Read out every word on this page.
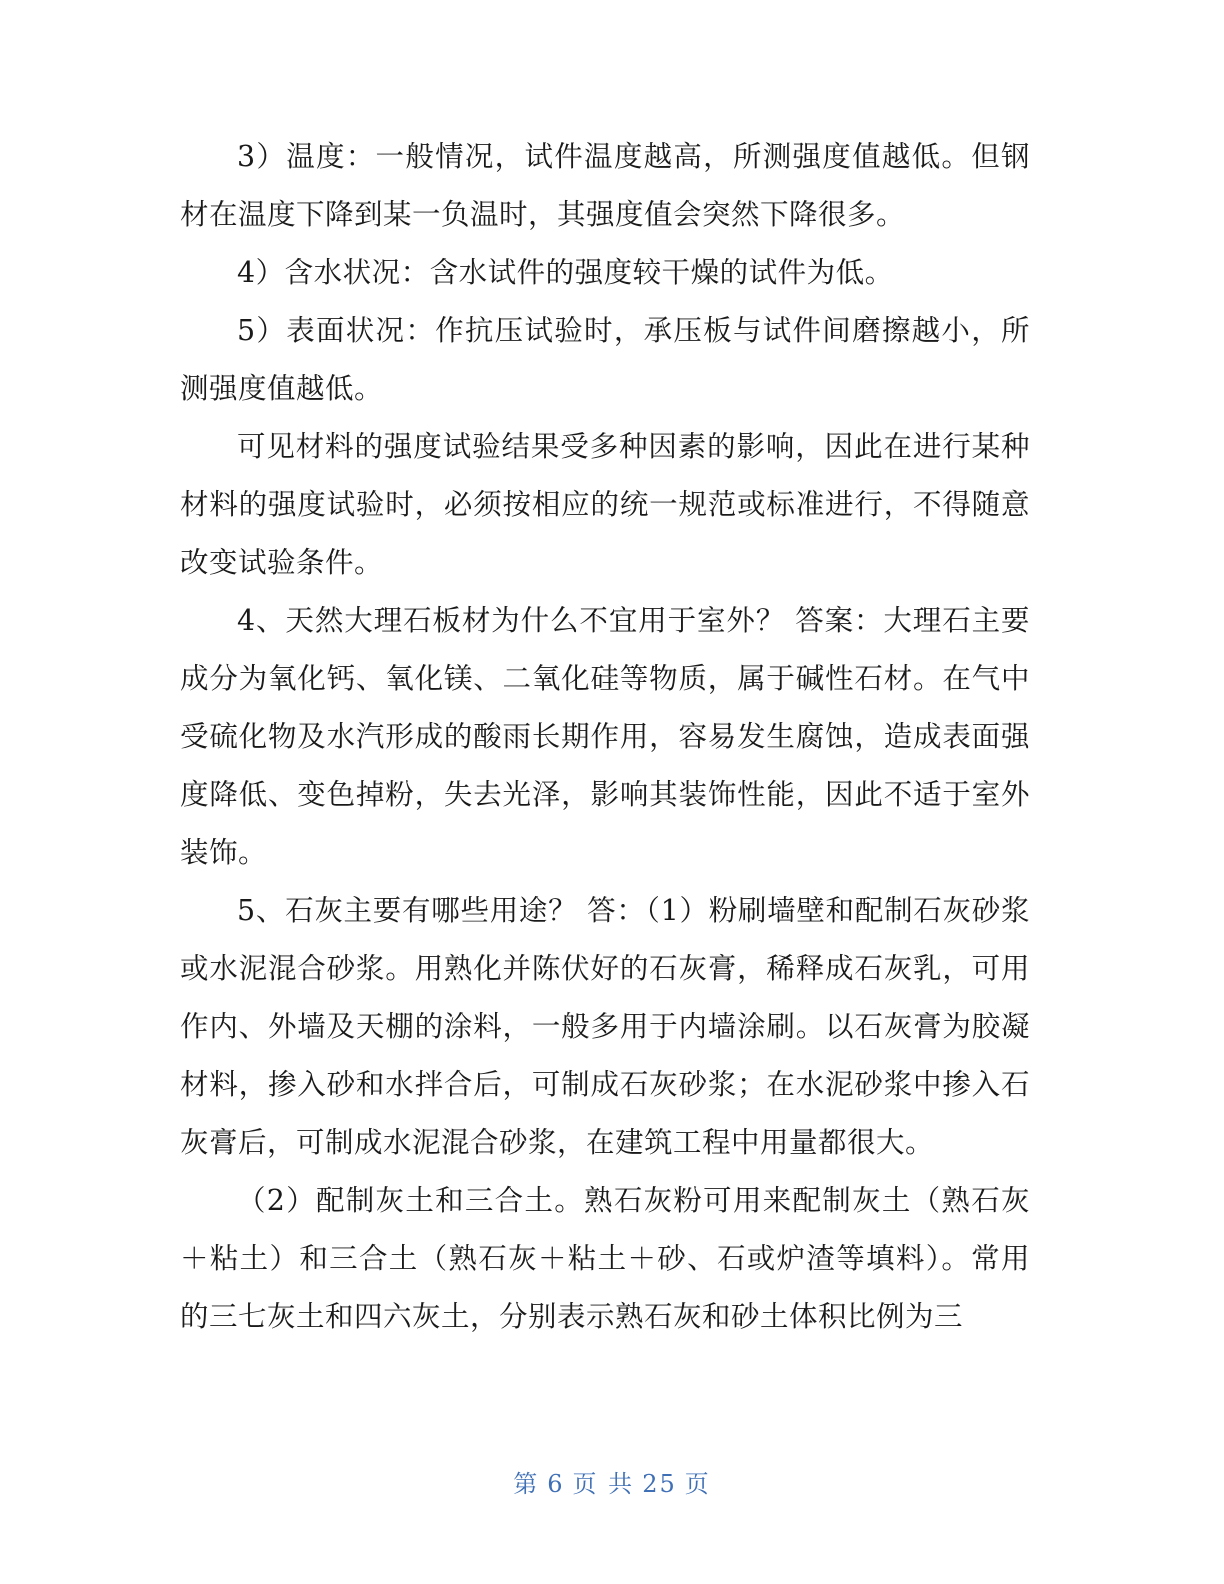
3）温度：一般情况，试件温度越高，所测强度值越低。但钢材在温度下降到某一负温时，其强度值会突然下降很多。

4）含水状况：含水试件的强度较干燥的试件为低。

5）表面状况：作抗压试验时，承压板与试件间磨擦越小，所测强度值越低。

可见材料的强度试验结果受多种因素的影响，因此在进行某种材料的强度试验时，必须按相应的统一规范或标准进行，不得随意改变试验条件。

4、天然大理石板材为什么不宜用于室外？ 答案：大理石主要成分为氧化钙、氧化镁、二氧化硅等物质，属于碱性石材。在气中受硫化物及水汽形成的酸雨长期作用，容易发生腐蚀，造成表面强度降低、变色掉粉，失去光泽，影响其装饰性能，因此不适于室外装饰。

5、石灰主要有哪些用途？ 答：（1）粉刷墙壁和配制石灰砂浆或水泥混合砂浆。用熟化并陈伏好的石灰膏，稀释成石灰乳，可用作内、外墙及天棚的涂料，一般多用于内墙涂刷。以石灰膏为胶凝材料，掺入砂和水拌合后，可制成石灰砂浆；在水泥砂浆中掺入石灰膏后，可制成水泥混合砂浆，在建筑工程中用量都很大。

（2）配制灰土和三合土。熟石灰粉可用来配制灰土（熟石灰＋粘土）和三合土（熟石灰＋粘土＋砂、石或炉渣等填料）。常用的三七灰土和四六灰土，分别表示熟石灰和砂土体积比例为三

第 6 页 共 25 页
